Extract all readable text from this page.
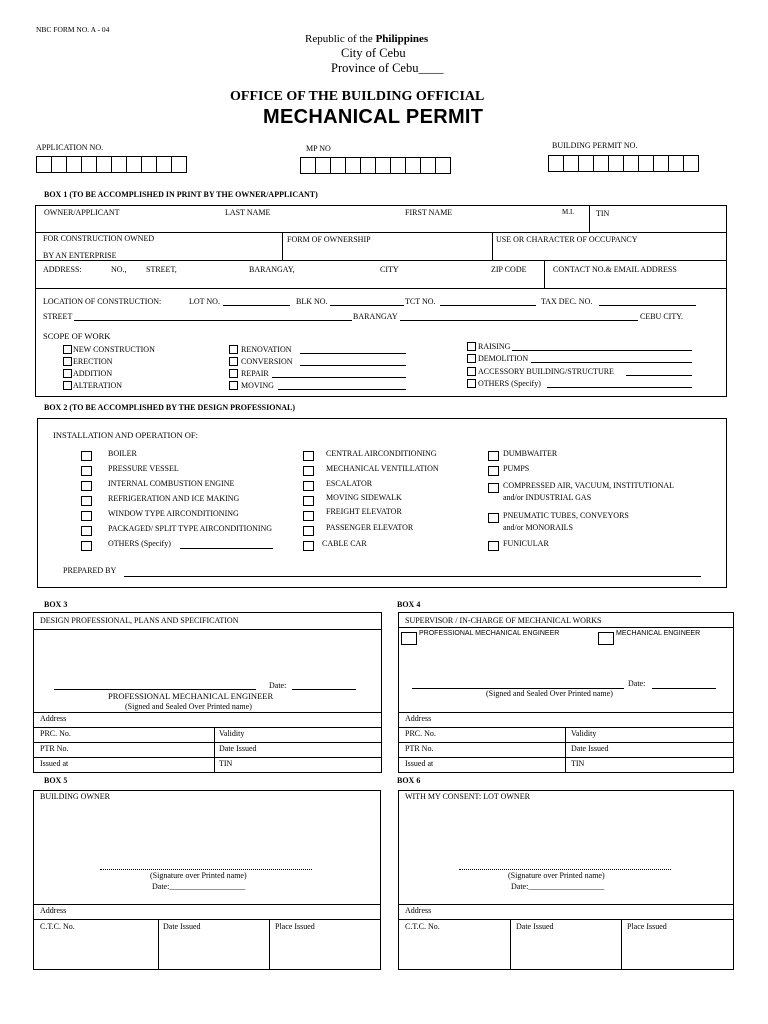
NBC FORM NO. A - 04
Republic of the Philippines
City of Cebu
Province of Cebu____
OFFICE OF THE BUILDING OFFICIAL
MECHANICAL PERMIT
APPLICATION NO.	MP NO	BUILDING PERMIT NO.
BOX 1 (TO BE ACCOMPLISHED IN PRINT BY THE OWNER/APPLICANT)
OWNER/APPLICANT	LAST NAME	FIRST NAME	M.I.	TIN
FOR CONSTRUCTION OWNED
BY AN ENTERPRISE
FORM OF OWNERSHIP	USE OR CHARACTER OF OCCUPANCY
ADDRESS:	NO., STREET,	BARANGAY,	CITY	ZIP CODE	CONTACT NO.& EMAIL ADDRESS
LOCATION OF CONSTRUCTION:	LOT NO.	BLK NO.	TCT NO.	TAX DEC. NO.
STREET	BARANGAY	CEBU CITY.
SCOPE OF WORK
NEW CONSTRUCTION
ERECTION
ADDITION
ALTERATION
RENOVATION
CONVERSION
REPAIR
MOVING
RAISING
DEMOLITION
ACCESSORY BUILDING/STRUCTURE
OTHERS (Specify)
BOX 2 (TO BE ACCOMPLISHED BY THE DESIGN PROFESSIONAL)
INSTALLATION AND OPERATION OF:
BOILER
PRESSURE VESSEL
INTERNAL COMBUSTION ENGINE
REFRIGERATION AND ICE MAKING
WINDOW TYPE AIRCONDITIONING
PACKAGED/ SPLIT TYPE AIRCONDITIONING
OTHERS (Specify)
CENTRAL AIRCONDITIONING
MECHANICAL VENTILLATION
ESCALATOR
MOVING SIDEWALK
FREIGHT ELEVATOR
PASSENGER ELEVATOR
CABLE CAR
DUMBWAITER
PUMPS
COMPRESSED AIR, VACUUM, INSTITUTIONAL
and/or INDUSTRIAL GAS
PNEUMATIC TUBES, CONVEYORS
and/or MONORAILS
FUNICULAR
PREPARED BY
BOX 3
DESIGN PROFESSIONAL, PLANS AND SPECIFICATION
Date:
PROFESSIONAL MECHANICAL ENGINEER
(Signed and Sealed Over Printed name)
Address
PRC. No.	Validity
PTR No.	Date Issued
Issued at	TIN
BOX 4
SUPERVISOR / IN-CHARGE OF MECHANICAL WORKS
PROFESSIONAL MECHANICAL ENGINEER	MECHANICAL ENGINEER
Date:
(Signed and Sealed Over Printed name)
Address
PRC. No.	Validity
PTR No.	Date Issued
Issued at	TIN
BOX 5
BUILDING OWNER
(Signature over Printed name)
Date:___________________
Address
C.T.C. No.	Date Issued	Place Issued
BOX 6
WITH MY CONSENT: LOT OWNER
(Signature over Printed name)
Date:___________________
Address
C.T.C. No.	Date Issued	Place Issued
